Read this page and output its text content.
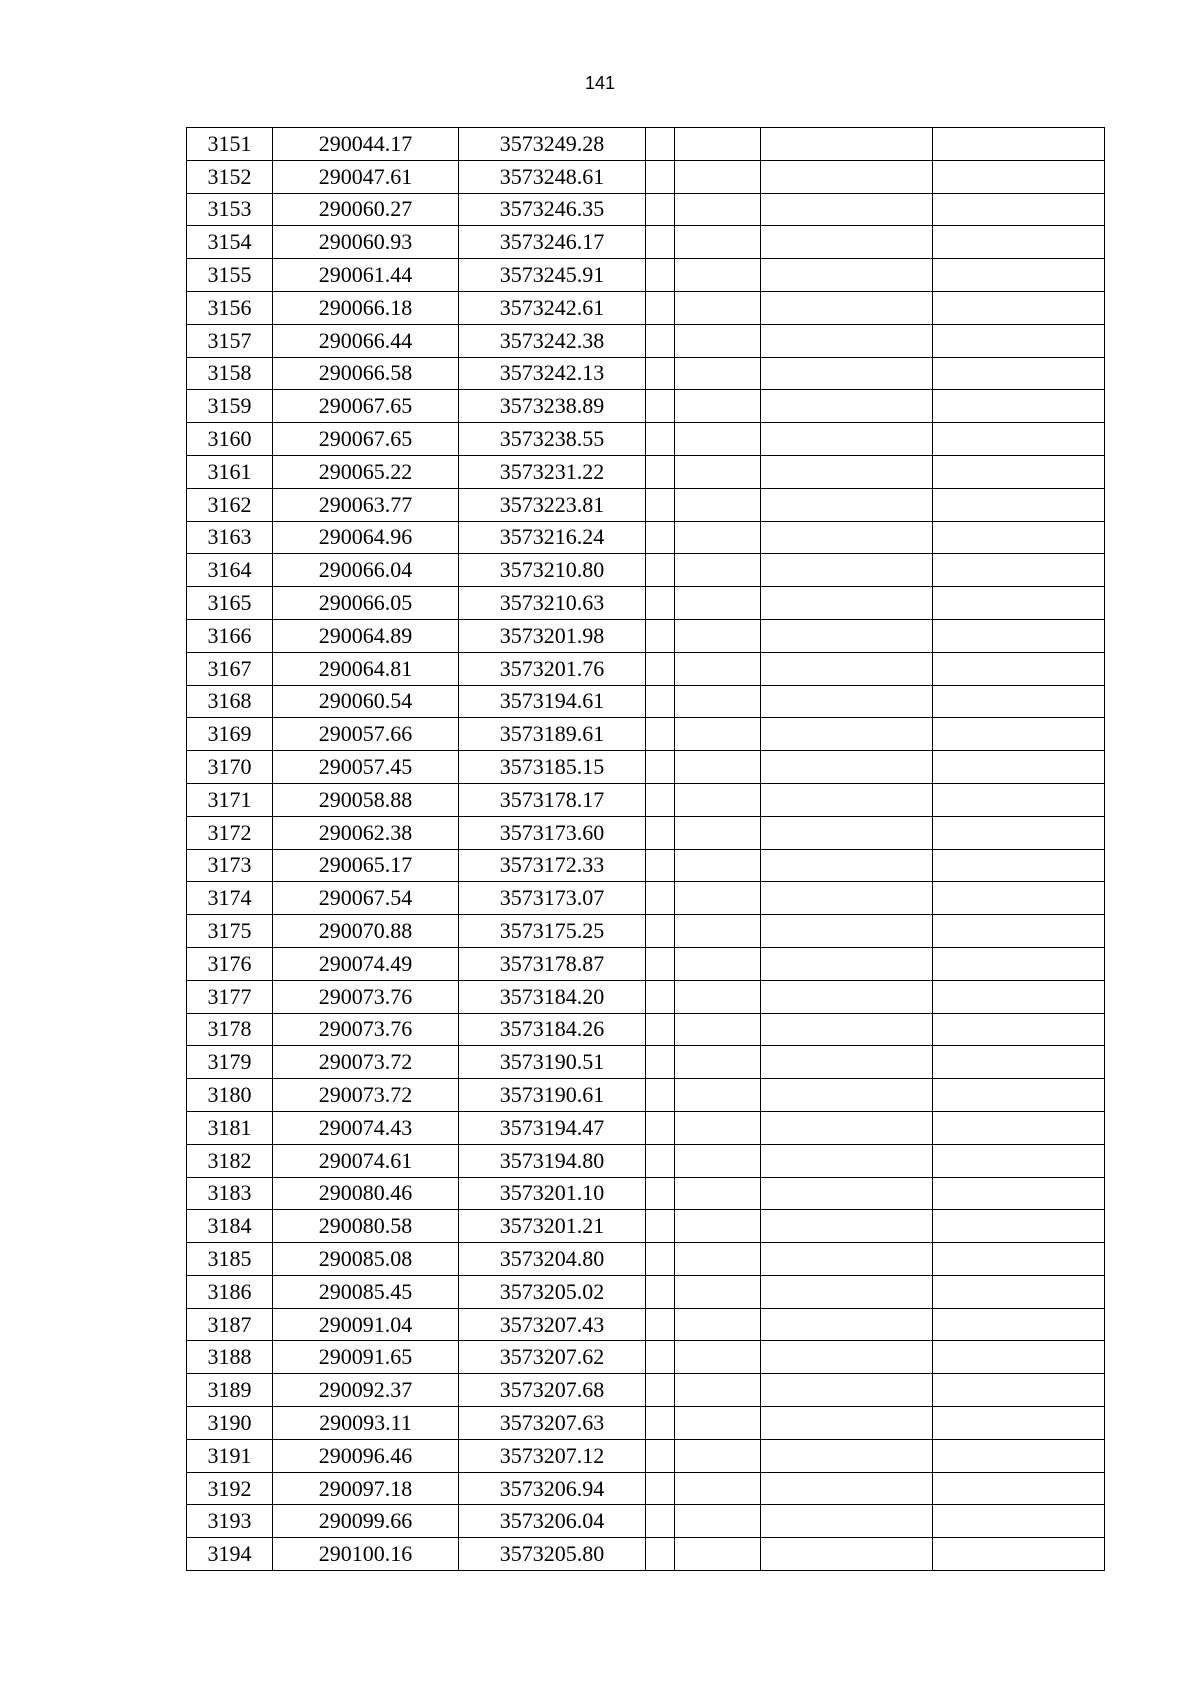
141
3151	290044.17	3573249.28				
3152	290047.61	3573248.61				
3153	290060.27	3573246.35				
3154	290060.93	3573246.17				
3155	290061.44	3573245.91				
3156	290066.18	3573242.61				
3157	290066.44	3573242.38				
3158	290066.58	3573242.13				
3159	290067.65	3573238.89				
3160	290067.65	3573238.55				
3161	290065.22	3573231.22				
3162	290063.77	3573223.81				
3163	290064.96	3573216.24				
3164	290066.04	3573210.80				
3165	290066.05	3573210.63				
3166	290064.89	3573201.98				
3167	290064.81	3573201.76				
3168	290060.54	3573194.61				
3169	290057.66	3573189.61				
3170	290057.45	3573185.15				
3171	290058.88	3573178.17				
3172	290062.38	3573173.60				
3173	290065.17	3573172.33				
3174	290067.54	3573173.07				
3175	290070.88	3573175.25				
3176	290074.49	3573178.87				
3177	290073.76	3573184.20				
3178	290073.76	3573184.26				
3179	290073.72	3573190.51				
3180	290073.72	3573190.61				
3181	290074.43	3573194.47				
3182	290074.61	3573194.80				
3183	290080.46	3573201.10				
3184	290080.58	3573201.21				
3185	290085.08	3573204.80				
3186	290085.45	3573205.02				
3187	290091.04	3573207.43				
3188	290091.65	3573207.62				
3189	290092.37	3573207.68				
3190	290093.11	3573207.63				
3191	290096.46	3573207.12				
3192	290097.18	3573206.94				
3193	290099.66	3573206.04				
3194	290100.16	3573205.80				
